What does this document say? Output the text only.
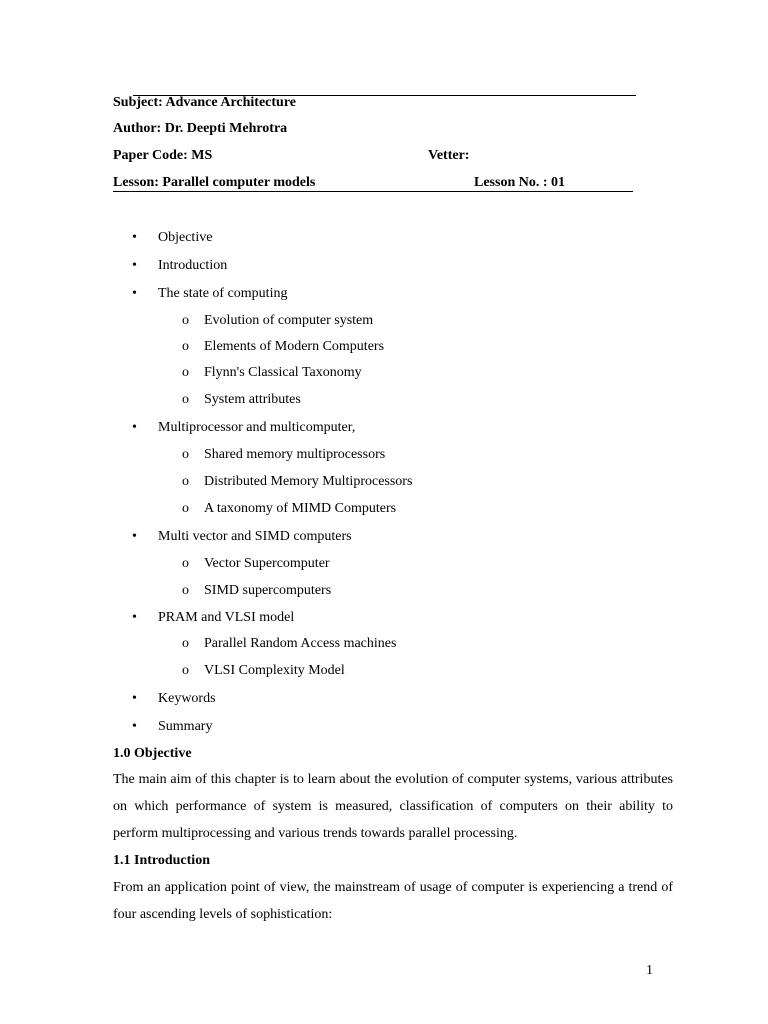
Subject: Advance Architecture
Author: Dr. Deepti Mehrotra
Paper Code: MS	Vetter:
Lesson: Parallel computer models	Lesson No. : 01
• Objective
• Introduction
• The state of computing
o Evolution of computer system
o Elements of Modern Computers
o Flynn's Classical Taxonomy
o System attributes
• Multiprocessor and multicomputer,
o Shared memory multiprocessors
o Distributed Memory Multiprocessors
o A taxonomy of MIMD Computers
• Multi vector and SIMD computers
o Vector Supercomputer
o SIMD supercomputers
• PRAM and VLSI model
o Parallel Random Access machines
o VLSI Complexity Model
• Keywords
• Summary
1.0 Objective
The main aim of this chapter is to learn about the evolution of computer systems, various attributes on which performance of system is measured, classification of computers on their ability to perform multiprocessing and various trends towards parallel processing.
1.1 Introduction
From an application point of view, the mainstream of usage of computer is experiencing a trend of four ascending levels of sophistication:
1
